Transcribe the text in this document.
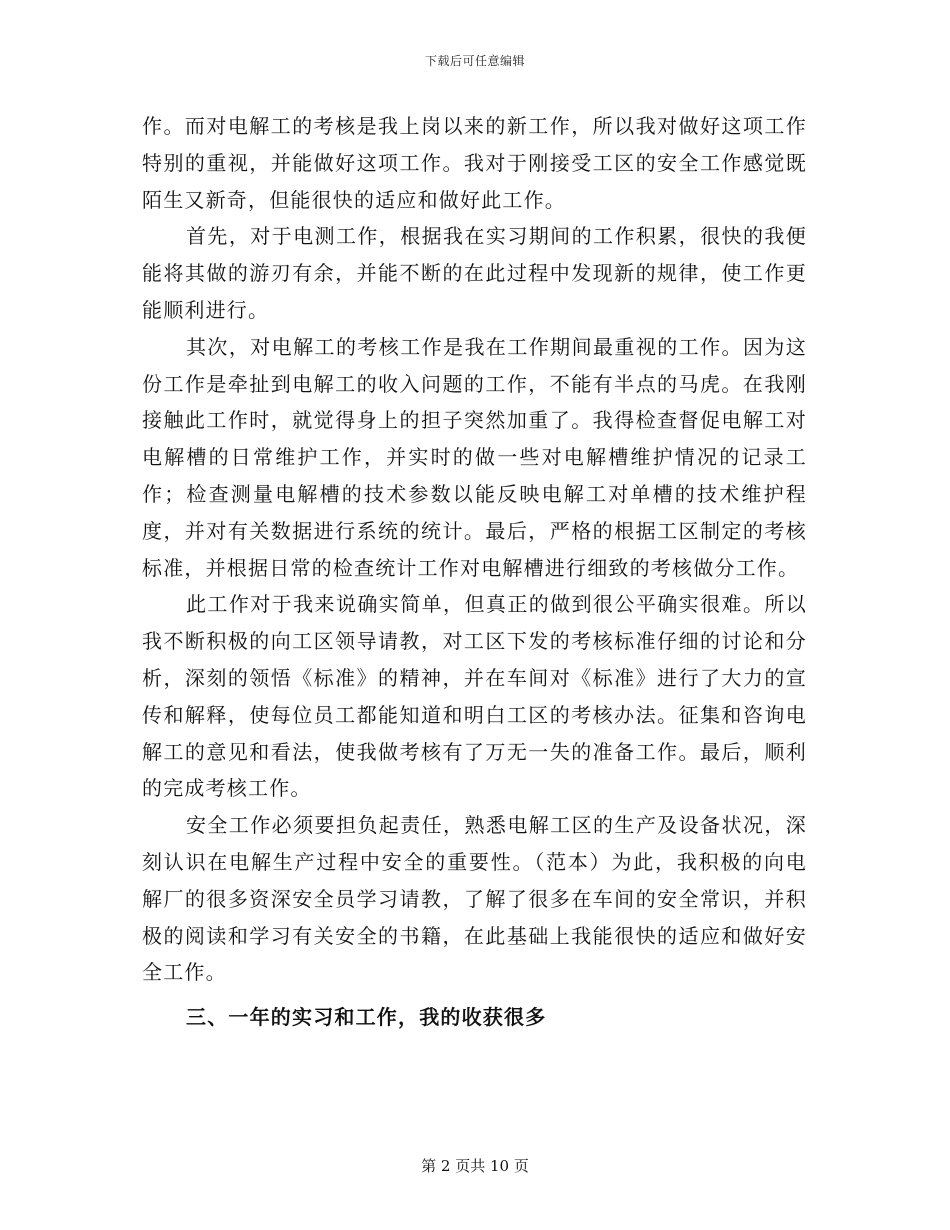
下载后可任意编辑

作。而对电解工的考核是我上岗以来的新工作，所以我对做好这项工作特别的重视，并能做好这项工作。我对于刚接受工区的安全工作感觉既陌生又新奇，但能很快的适应和做好此工作。

首先，对于电测工作，根据我在实习期间的工作积累，很快的我便能将其做的游刃有余，并能不断的在此过程中发现新的规律，使工作更能顺利进行。

其次，对电解工的考核工作是我在工作期间最重视的工作。因为这份工作是牵扯到电解工的收入问题的工作，不能有半点的马虎。在我刚接触此工作时，就觉得身上的担子突然加重了。我得检查督促电解工对电解槽的日常维护工作，并实时的做一些对电解槽维护情况的记录工作；检查测量电解槽的技术参数以能反映电解工对单槽的技术维护程度，并对有关数据进行系统的统计。最后，严格的根据工区制定的考核标准，并根据日常的检查统计工作对电解槽进行细致的考核做分工作。

此工作对于我来说确实简单，但真正的做到很公平确实很难。所以我不断积极的向工区领导请教，对工区下发的考核标准仔细的讨论和分析，深刻的领悟《标准》的精神，并在车间对《标准》进行了大力的宣传和解释，使每位员工都能知道和明白工区的考核办法。征集和咨询电解工的意见和看法，使我做考核有了万无一失的准备工作。最后，顺利的完成考核工作。

安全工作必须要担负起责任，熟悉电解工区的生产及设备状况，深刻认识在电解生产过程中安全的重要性。（范本）为此，我积极的向电解厂的很多资深安全员学习请教，了解了很多在车间的安全常识，并积极的阅读和学习有关安全的书籍，在此基础上我能很快的适应和做好安全工作。

三、一年的实习和工作，我的收获很多

第 2 页共 10 页
